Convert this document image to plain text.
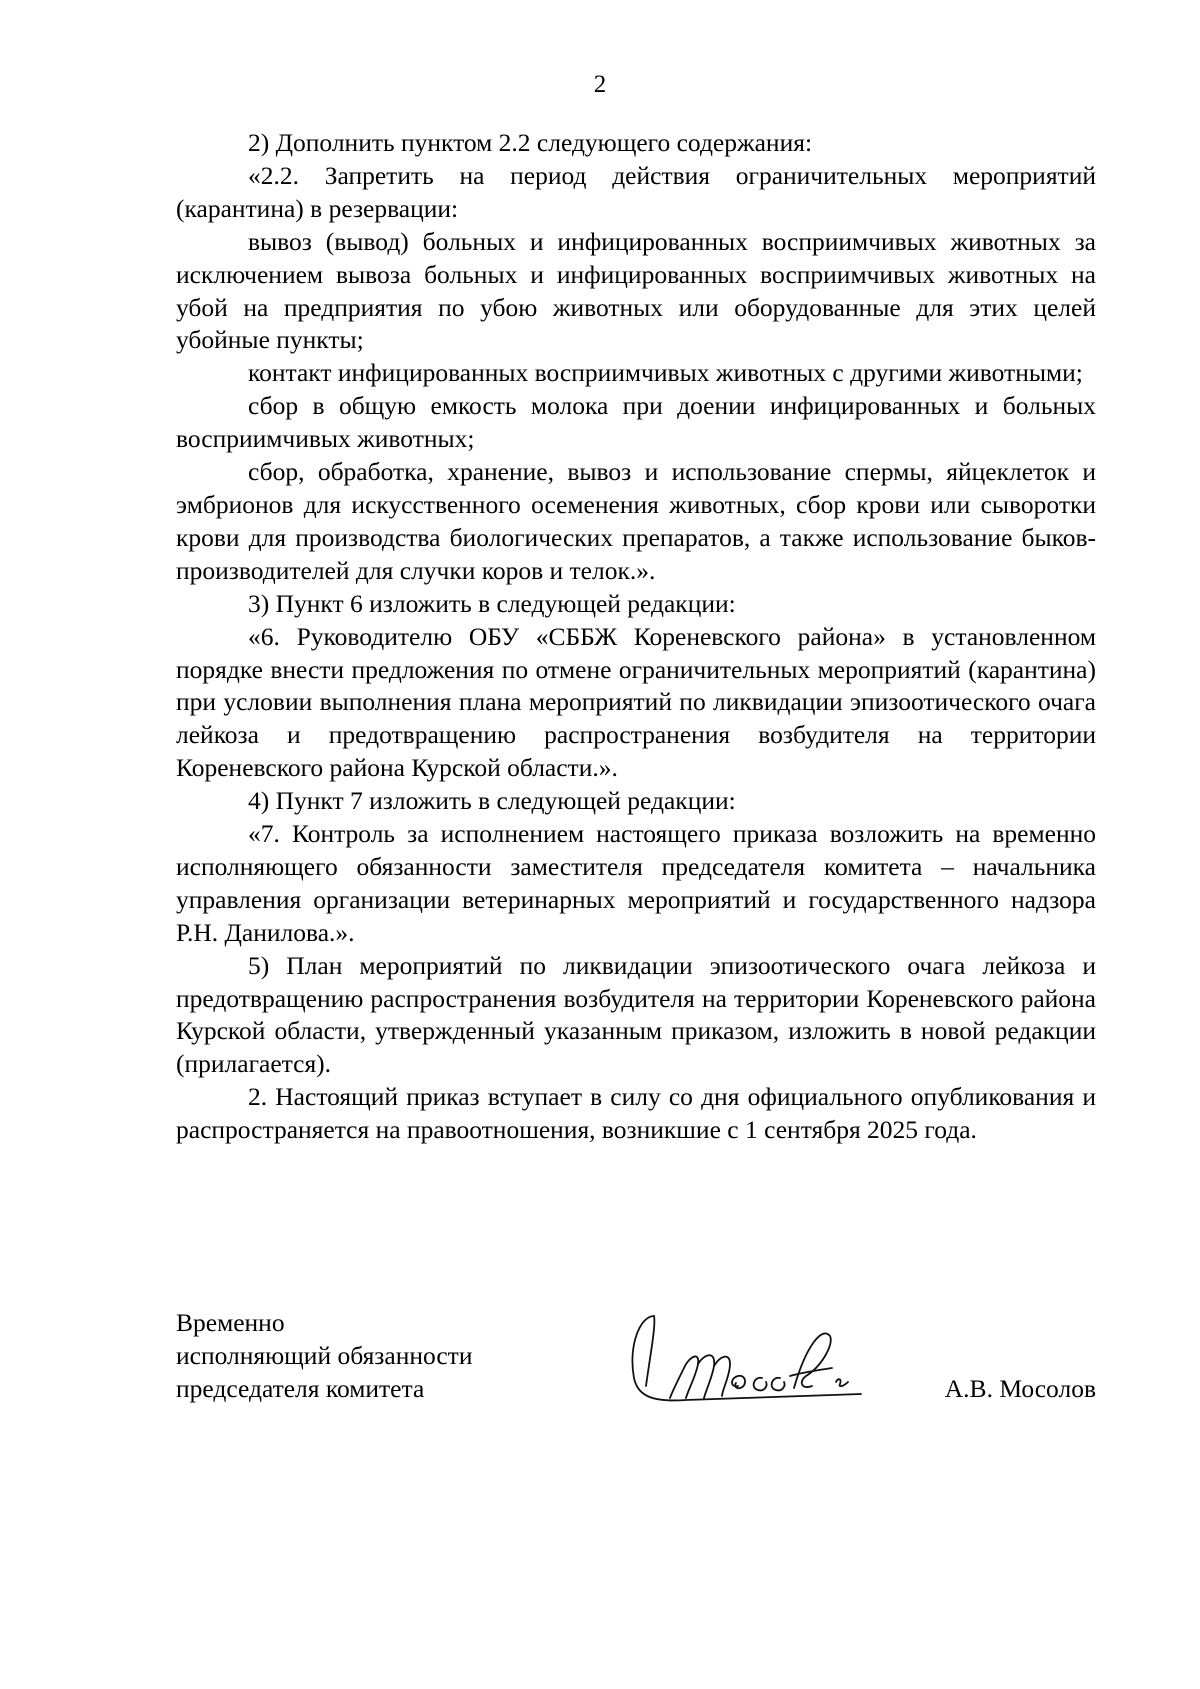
2

2) Дополнить пунктом 2.2 следующего содержания:

«2.2. Запретить на период действия ограничительных мероприятий (карантина) в резервации:

вывоз (вывод) больных и инфицированных восприимчивых животных за исключением вывоза больных и инфицированных восприимчивых животных на убой на предприятия по убою животных или оборудованные для этих целей убойные пункты;

контакт инфицированных восприимчивых животных с другими животными;

сбор в общую емкость молока при доении инфицированных и больных восприимчивых животных;

сбор, обработка, хранение, вывоз и использование спермы, яйцеклеток и эмбрионов для искусственного осеменения животных, сбор крови или сыворотки крови для производства биологических препаратов, а также использование быков-производителей для случки коров и телок.».

3) Пункт 6 изложить в следующей редакции:

«6. Руководителю ОБУ «СББЖ Кореневского района» в установленном порядке внести предложения по отмене ограничительных мероприятий (карантина) при условии выполнения плана мероприятий по ликвидации эпизоотического очага лейкоза и предотвращению распространения возбудителя на территории Кореневского района Курской области.».

4) Пункт 7 изложить в следующей редакции:

«7. Контроль за исполнением настоящего приказа возложить на временно исполняющего обязанности заместителя председателя комитета – начальника управления организации ветеринарных мероприятий и государственного надзора Р.Н. Данилова.».

5) План мероприятий по ликвидации эпизоотического очага лейкоза и предотвращению распространения возбудителя на территории Кореневского района Курской области, утвержденный указанным приказом, изложить в новой редакции (прилагается).

2. Настоящий приказ вступает в силу со дня официального опубликования и распространяется на правоотношения, возникшие с 1 сентября 2025 года.

Временно
исполняющий обязанности
председателя комитета	А.В. Мосолов
